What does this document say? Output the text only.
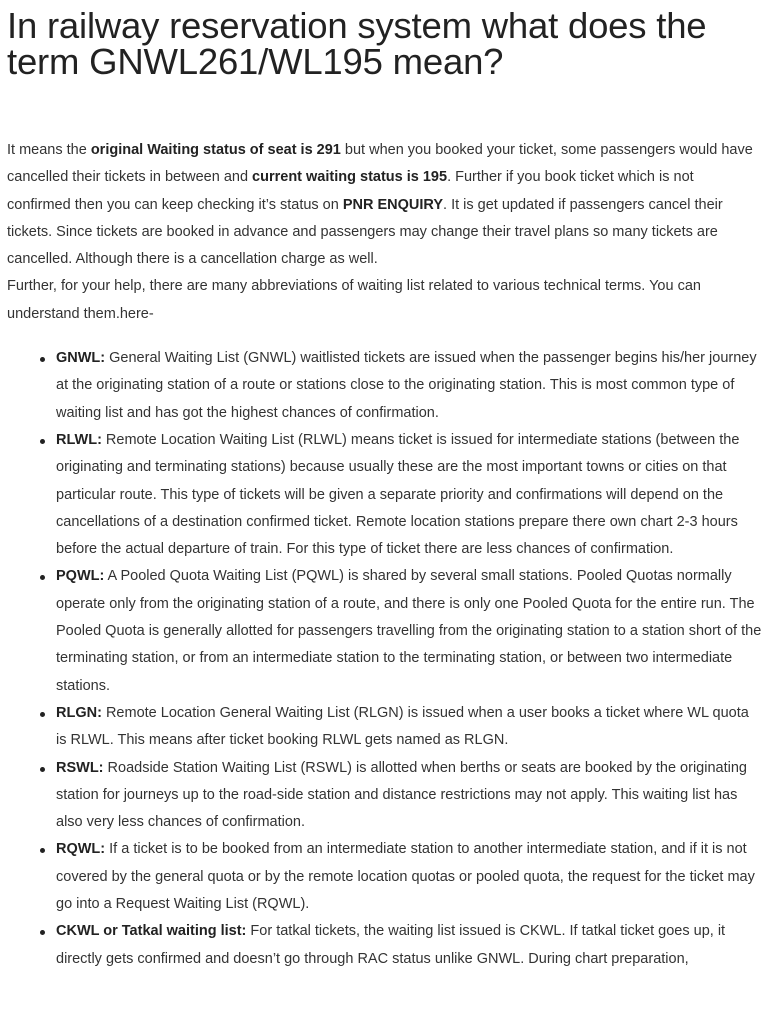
In railway reservation system what does the term GNWL261/WL195 mean?

It means the original Waiting status of seat is 291 but when you booked your ticket, some passengers would have cancelled their tickets in between and current waiting status is 195. Further if you book ticket which is not confirmed then you can keep checking it’s status on PNR ENQUIRY. It is get updated if passengers cancel their tickets. Since tickets are booked in advance and passengers may change their travel plans so many tickets are cancelled. Although there is a cancellation charge as well.

Further, for your help, there are many abbreviations of waiting list related to various technical terms. You can understand them.here-

GNWL: General Waiting List (GNWL) waitlisted tickets are issued when the passenger begins his/her journey at the originating station of a route or stations close to the originating station. This is most common type of waiting list and has got the highest chances of confirmation.
RLWL: Remote Location Waiting List (RLWL) means ticket is issued for intermediate stations (between the originating and terminating stations) because usually these are the most important towns or cities on that particular route. This type of tickets will be given a separate priority and confirmations will depend on the cancellations of a destination confirmed ticket. Remote location stations prepare there own chart 2-3 hours before the actual departure of train. For this type of ticket there are less chances of confirmation.
PQWL: A Pooled Quota Waiting List (PQWL) is shared by several small stations. Pooled Quotas normally operate only from the originating station of a route, and there is only one Pooled Quota for the entire run. The Pooled Quota is generally allotted for passengers travelling from the originating station to a station short of the terminating station, or from an intermediate station to the terminating station, or between two intermediate stations.
RLGN: Remote Location General Waiting List (RLGN) is issued when a user books a ticket where WL quota is RLWL. This means after ticket booking RLWL gets named as RLGN.
RSWL: Roadside Station Waiting List (RSWL) is allotted when berths or seats are booked by the originating station for journeys up to the road-side station and distance restrictions may not apply. This waiting list has also very less chances of confirmation.
RQWL: If a ticket is to be booked from an intermediate station to another intermediate station, and if it is not covered by the general quota or by the remote location quotas or pooled quota, the request for the ticket may go into a Request Waiting List (RQWL).
CKWL or Tatkal waiting list: For tatkal tickets, the waiting list issued is CKWL. If tatkal ticket goes up, it directly gets confirmed and doesn’t go through RAC status unlike GNWL. During chart preparation,
